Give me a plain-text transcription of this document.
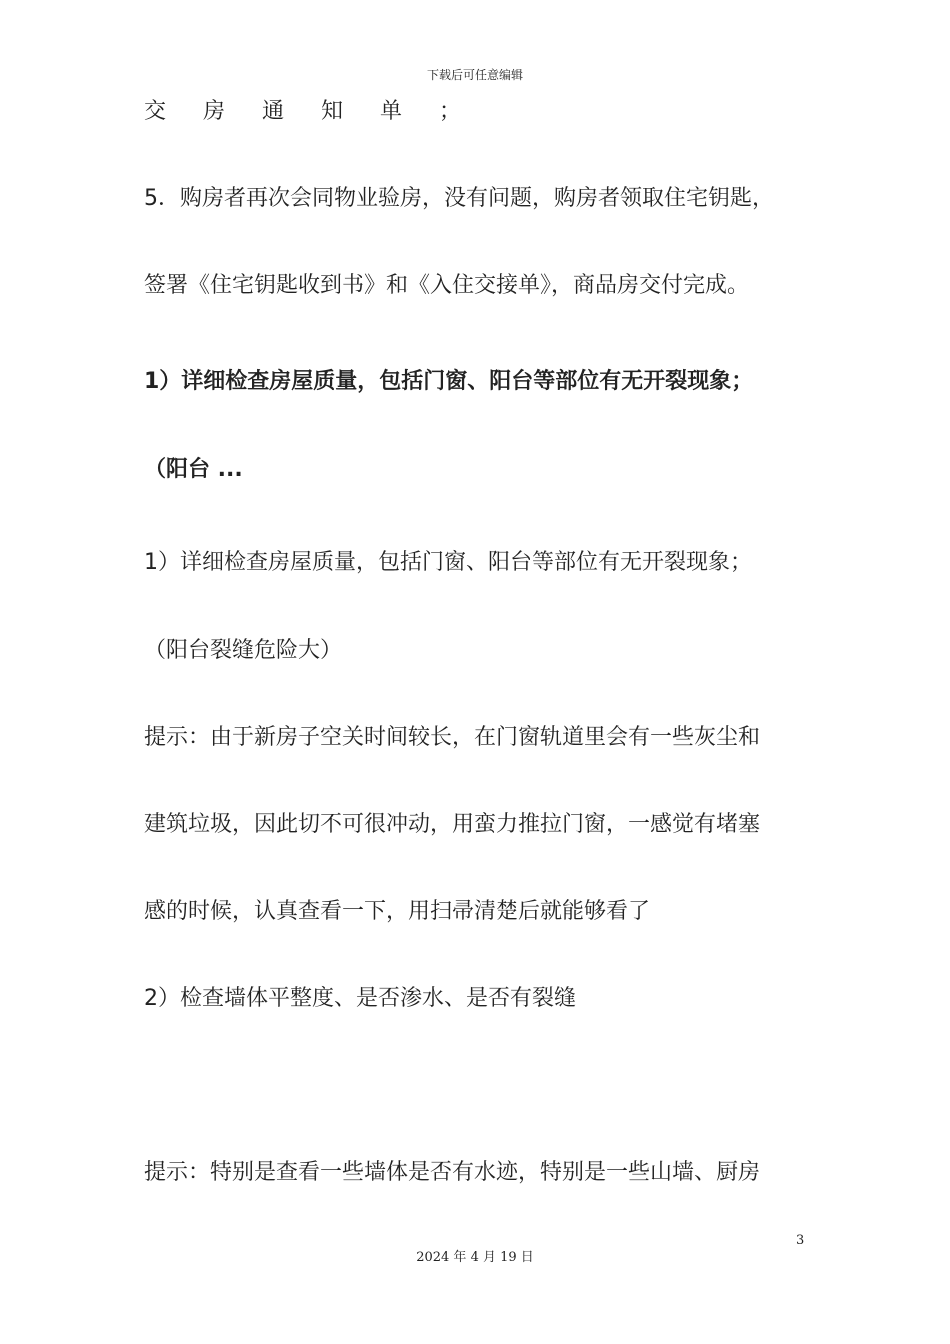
下载后可任意编辑
交 房 通 知 单 ；
5．购房者再次会同物业验房，没有问题，购房者领取住宅钥匙，
签署《住宅钥匙收到书》和《入住交接单》，商品房交付完成。
1）详细检查房屋质量，包括门窗、阳台等部位有无开裂现象；
（阳台 ...
1）详细检查房屋质量，包括门窗、阳台等部位有无开裂现象；
（阳台裂缝危险大）
提示：由于新房子空关时间较长，在门窗轨道里会有一些灰尘和
建筑垃圾，因此切不可很冲动，用蛮力推拉门窗，一感觉有堵塞
感的时候，认真查看一下，用扫帚清楚后就能够看了
2）检查墙体平整度、是否渗水、是否有裂缝
提示：特别是查看一些墙体是否有水迹，特别是一些山墙、厨房
3
2024 年 4 月 19 日
